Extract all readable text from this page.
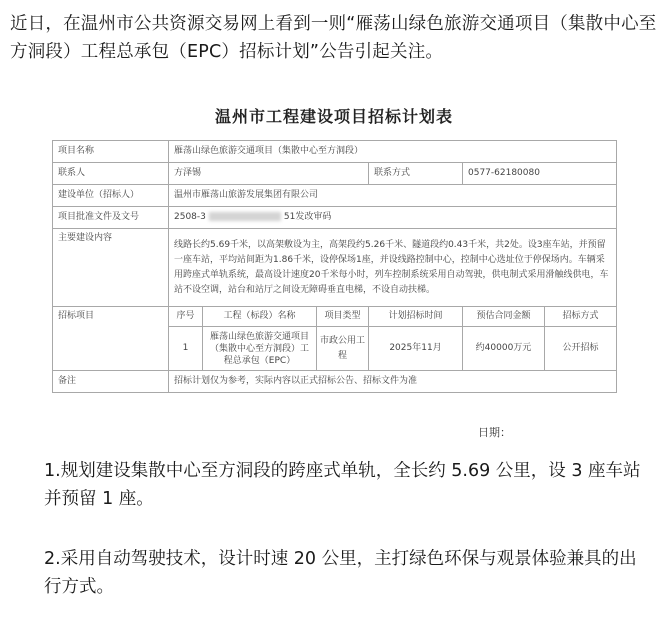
近日，在温州市公共资源交易网上看到一则“雁荡山绿色旅游交通项目（集散中心至方洞段）工程总承包（EPC）招标计划”公告引起关注。
温州市工程建设项目招标计划表
项目名称	雁荡山绿色旅游交通项目（集散中心至方洞段）					
联系人	方泽锡			联系方式	0577-62180080	
建设单位（招标人）	温州市雁荡山旅游发展集团有限公司					
项目批准文件及文号	2508-3 51发改审码					
主要建设内容	线路长约5.69千米，以高架敷设为主，高架段约5.26千米、隧道段约0.43千米，共2处。设3座车站，并预留一座车站，平均站间距为1.86千米，设停保场1座，并设线路控制中心，控制中心选址位于停保场内。车辆采用跨座式单轨系统，最高设计速度20千米每小时，列车控制系统采用自动驾驶，供电制式采用滑触线供电，车站不设空调，站台和站厅之间设无障碍垂直电梯，不设自动扶梯。					
招标项目	序号	工程（标段）名称	项目类型	计划招标时间	预估合同金额	招标方式
	1	雁荡山绿色旅游交通项目（集散中心至方洞段）工程总承包（EPC）	市政公用工程	2025年11月	约40000万元	公开招标
备注	招标计划仅为参考，实际内容以正式招标公告、招标文件为准					
日期：
1.规划建设集散中心至方洞段的跨座式单轨，全长约 5.69 公里，设 3 座车站并预留 1 座。
2.采用自动驾驶技术，设计时速 20 公里，主打绿色环保与观景体验兼具的出行方式。
